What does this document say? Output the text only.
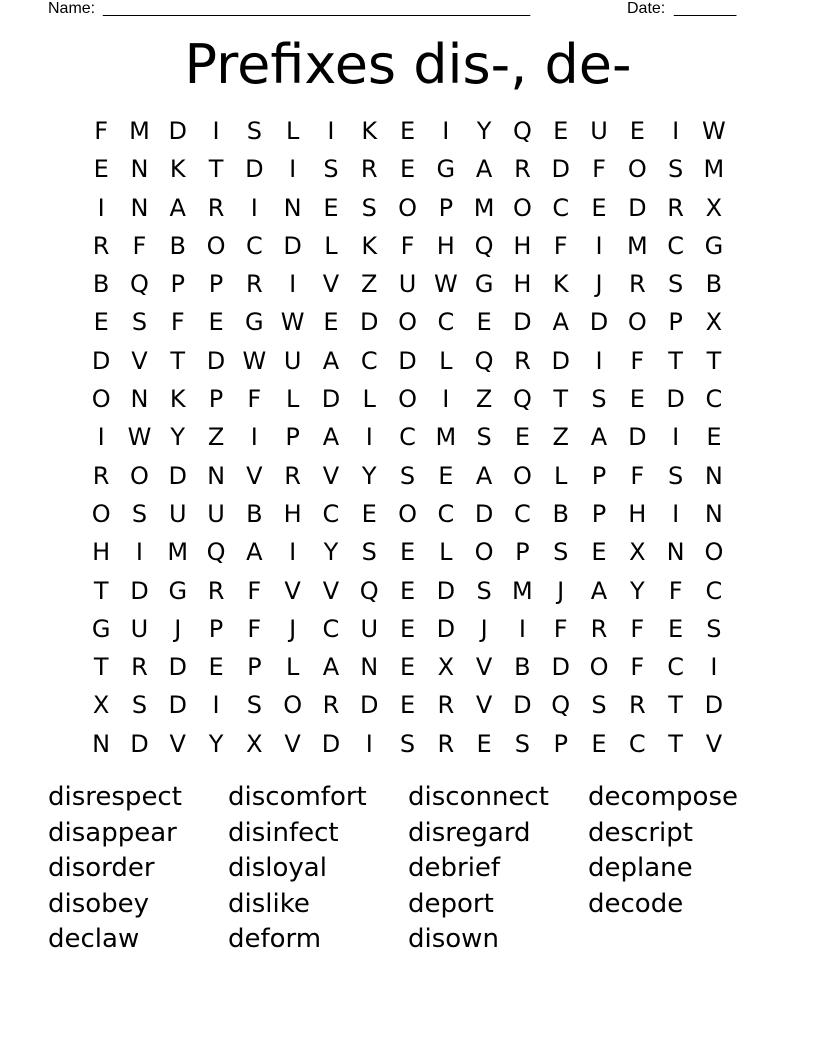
Name: ________________________________________________	Date: _______
Prefixes dis-, de-
F M D	I	S L	I	K E	I	Y Q E U E	I W
E N K T D	I	S R E G A R D F O S M
I	N A R	I	N E S O P M O C E D R X
R F B O C D L K F H Q H F	I	M C G
B Q P P R	I	V Z U W G H K	J	R S B
E S F E G W E D O C E D A D O P X
D V T D W U A C D L Q R D	I	F	T T
O N K P	F	L D L O	I	Z Q T S E D C
I W Y Z	I	P A	I	C M S E Z A D	I	E
R O D N V R V Y S E A O L	P	F S N
O S U U B H C E O C D C B P H	I	N
H	I	M Q A	I	Y S E	L O P S E X N O
T D G R F V V Q E D S M	J	A Y	F C
G U	J	P	F	J	C U E D	J	I	F R F E S
T R D E P	L A N E X V B D O F C	I
X S D	I	S O R D E R V D Q S R T D
N D V Y X V D	I	S R E S P E C T V
disrespect	discomfort	disconnect	decompose
disappear	disinfect	disregard	descript
disorder	disloyal	debrief	deplane
disobey	dislike	deport	decode
declaw	deform	disown
